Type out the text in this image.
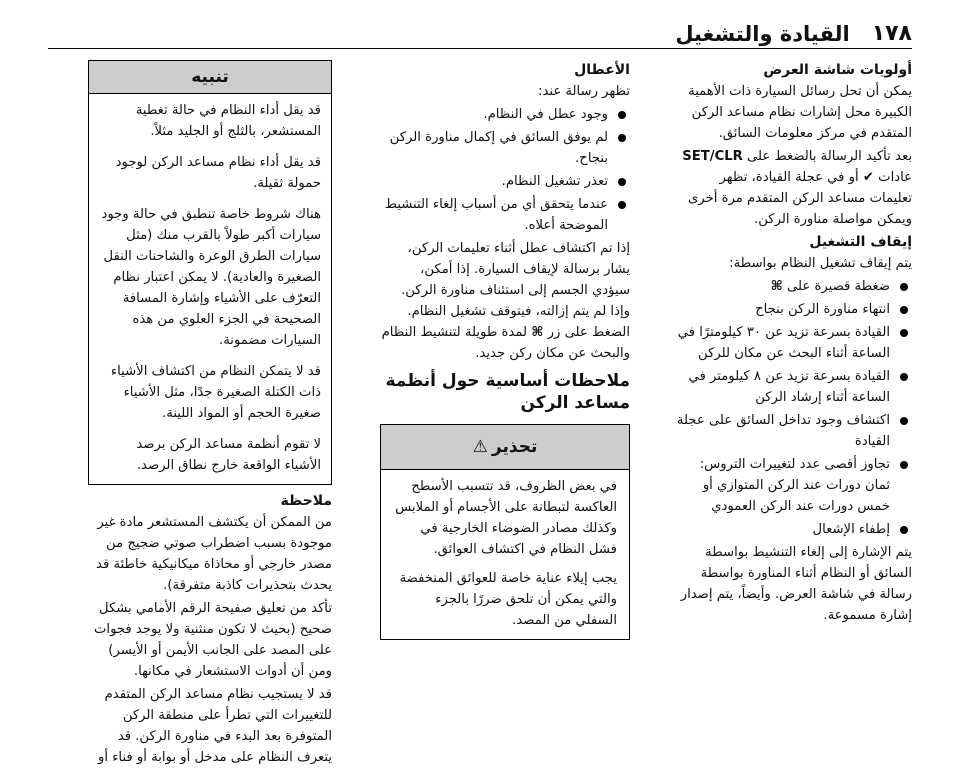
١٧٨
القيادة والتشغيل
أولويات شاشة العرض

يمكن أن تحل رسائل السيارة ذات الأهمية الكبيرة محل إشارات نظام مساعد الركن المتقدم في مركز معلومات السائق.

بعد تأكيد الرسالة بالضغط على SET/CLR عادات ✔ أو في عجلة القيادة، تظهر تعليمات مساعد الركن المتقدم مرة أخرى ويمكن مواصلة مناورة الركن.

إيقاف التشغيل

يتم إيقاف تشغيل النظام بواسطة:

ضغطة قصيرة على ⌘
انتهاء مناورة الركن بنجاح
القيادة بسرعة تزيد عن ٣٠ كيلومترًا في الساعة أثناء البحث عن مكان للركن
القيادة بسرعة تزيد عن ٨ كيلومتر في الساعة أثناء إرشاد الركن
اكتشاف وجود تداخل السائق على عجلة القيادة
تجاوز أقصى عدد لتغييرات التروس: ثمان دورات عند الركن المتوازي أو خمس دورات عند الركن العمودي
إطفاء الإشعال

يتم الإشارة إلى إلغاء التنشيط بواسطة السائق أو النظام أثناء المناورة بواسطة رسالة في شاشة العرض. وأيضاً، يتم إصدار إشارة مسموعة.

الأعطال

تظهر رسالة عند:

وجود عطل في النظام.
لم يوفق السائق في إكمال مناورة الركن بنجاح.
تعذر تشغيل النظام.
عندما يتحقق أي من أسباب إلغاء التنشيط الموضحة أعلاه.

إذا تم اكتشاف عطل أثناء تعليمات الركن، يشار برسالة لإيقاف السيارة. إذا أمكن، سيؤدي الجسم إلى استئناف مناورة الركن. وإذا لم يتم إزالته، فيتوقف تشغيل النظام. الضغط على زر ⌘ لمدة طويلة لتنشيط النظام والبحث عن مكان ركن جديد.

ملاحظات أساسية حول أنظمة مساعد الركن
تحذير
⚠

في بعض الظروف، قد تتسبب الأسطح العاكسة لتبطانة على الأجسام أو الملابس وكذلك مصادر الضوضاء الخارجية في فشل النظام في اكتشاف العوائق.

يجب إيلاء عناية خاصة للعوائق المنخفضة والتي يمكن أن تلحق ضررًا بالجزء السفلي من المصد.

تنبيه

قد يقل أداء النظام في حالة تغطية المستشعر، بالثلج أو الجليد مثلاً.

قد يقل أداء نظام مساعد الركن لوجود حمولة ثقيلة.

هناك شروط خاصة تنطبق في حالة وجود سيارات أكبر طولاً بالقرب منك (مثل سيارات الطرق الوعرة والشاحنات النقل الصغيرة والعادية). لا يمكن اعتبار نظام التعرّف على الأشياء وإشارة المسافة الصحيحة في الجزء العلوي من هذه السيارات مضمونة.

قد لا يتمكن النظام من اكتشاف الأشياء ذات الكتلة الصغيرة جدًا، مثل الأشياء صغيرة الحجم أو المواد اللينة.

لا تقوم أنظمة مساعد الركن برصد الأشياء الواقعة خارج نطاق الرصد.

ملاحظة

من الممكن أن يكتشف المستشعر مادة غير موجودة بسبب اضطراب صوتي ضجيج من مصدر خارجي أو محاذاة ميكانيكية خاطئة قد يحدث بتحذيرات كاذبة متفرقة).

تأكد من تعليق صفيحة الرقم الأمامي بشكل صحيح (بحيث لا تكون منثنية ولا يوجد فجوات على المصد على الجانب الأيمن أو الأيسر) ومن أن أدوات الاستشعار في مكانها.

قد لا يستجيب نظام مساعد الركن المتقدم للتغييرات التي تطرأ على منطقة الركن المتوفرة بعد البدء في مناورة الركن. قد يتعرف النظام على مدخل أو بوابة أو فناء أو
